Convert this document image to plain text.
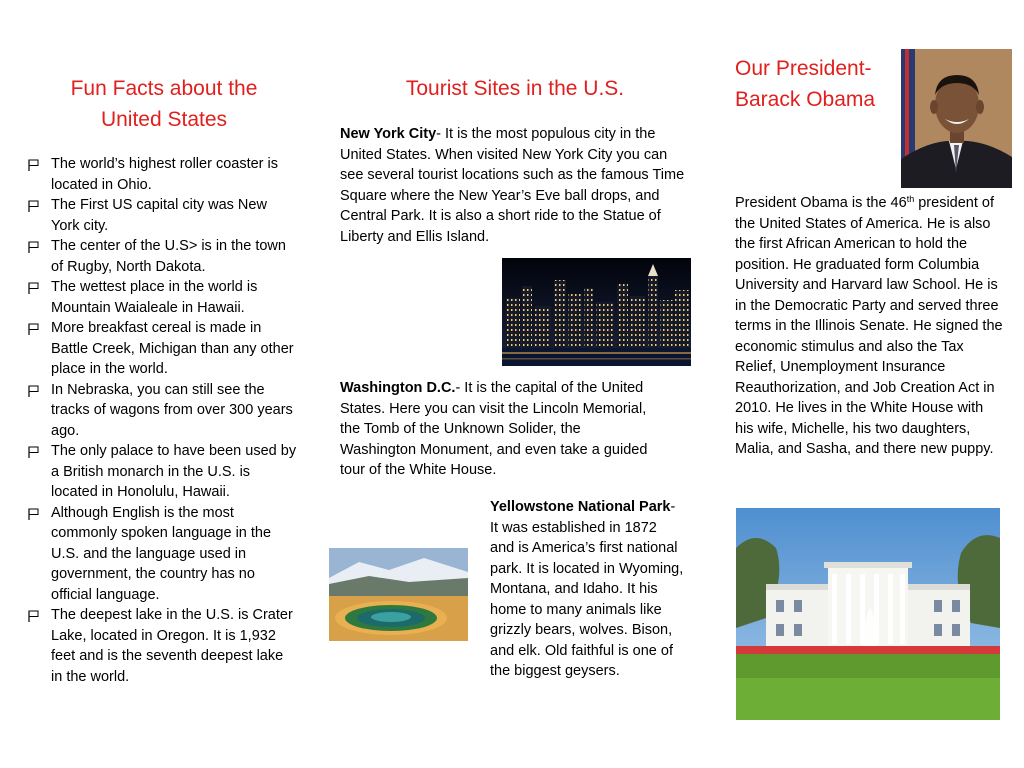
Fun Facts about the United States
The world’s highest roller coaster is located in Ohio.
The First US capital city was New York city.
The center of the U.S> is in the town of Rugby, North Dakota.
The wettest place in the world is Mountain Waialeale in Hawaii.
More breakfast cereal is made in Battle Creek, Michigan than any other place in the world.
In Nebraska, you can still see the tracks of wagons from over 300 years ago.
The only palace to have been used by a British monarch in the U.S. is located in Honolulu, Hawaii.
Although English is the most commonly spoken language in the U.S. and the language used in government, the country has no official language.
The deepest lake in the U.S. is Crater Lake, located in Oregon. It is 1,932 feet and is the seventh deepest lake in the world.
Tourist Sites in the U.S.
New York City- It is the most populous city in the United States. When visited New York City you can see several tourist locations such as the famous Time Square where the New Year’s Eve ball drops, and Central Park. It is also a short ride to the Statue of Liberty and Ellis Island.
Washington D.C.- It is the capital of the United States. Here you can visit the Lincoln Memorial, the Tomb of the Unknown Solider, the Washington Monument, and even take a guided tour of the White House.
Yellowstone National Park- It was established in 1872 and is America’s first national park. It is located in Wyoming, Montana, and Idaho. It his home to many animals like grizzly bears, wolves. Bison, and elk. Old faithful is one of the biggest geysers.
Our President-
Barack Obama
President Obama is the 46th president of the United States of America. He is also the first African American to hold the position. He graduated form Columbia University and Harvard law School. He is in the Democratic Party and served three terms in the Illinois Senate. He signed the economic stimulus and also the Tax Relief, Unemployment Insurance Reauthorization, and Job Creation Act in 2010. He lives in the White House with his wife, Michelle, his two daughters, Malia, and Sasha, and there new puppy.
